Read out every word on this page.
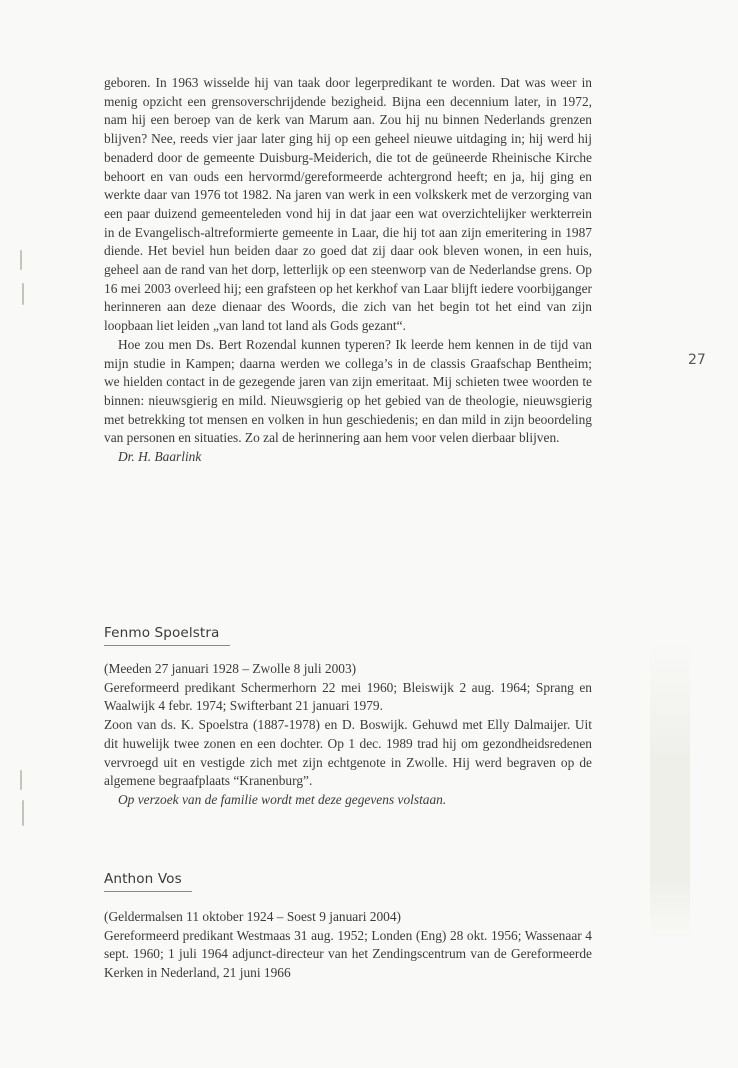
geboren. In 1963 wisselde hij van taak door legerpredikant te worden. Dat was weer in menig opzicht een grensoverschrijdende bezigheid. Bijna een decennium later, in 1972, nam hij een beroep van de kerk van Marum aan. Zou hij nu binnen Nederlands grenzen blijven? Nee, reeds vier jaar later ging hij op een geheel nieuwe uitdaging in; hij werd hij benaderd door de gemeente Duisburg-Meiderich, die tot de geüneerde Rheinische Kirche behoort en van ouds een hervormd/gereformeerde achtergrond heeft; en ja, hij ging en werkte daar van 1976 tot 1982. Na jaren van werk in een volkskerk met de verzorging van een paar duizend gemeenteleden vond hij in dat jaar een wat overzichtelijker werkterrein in de Evangelisch-altreformierte gemeente in Laar, die hij tot aan zijn emeritering in 1987 diende. Het beviel hun beiden daar zo goed dat zij daar ook bleven wonen, in een huis, geheel aan de rand van het dorp, letterlijk op een steenworp van de Nederlandse grens. Op 16 mei 2003 overleed hij; een grafsteen op het kerkhof van Laar blijft iedere voorbijganger herinneren aan deze dienaar des Woords, die zich van het begin tot het eind van zijn loopbaan liet leiden „van land tot land als Gods gezant“.

Hoe zou men Ds. Bert Rozendal kunnen typeren? Ik leerde hem kennen in de tijd van mijn studie in Kampen; daarna werden we collega’s in de classis Graafschap Bentheim; we hielden contact in de gezegende jaren van zijn emeritaat. Mij schieten twee woorden te binnen: nieuwsgierig en mild. Nieuwsgierig op het gebied van de theologie, nieuwsgierig met betrekking tot mensen en volken in hun geschiedenis; en dan mild in zijn beoordeling van personen en situaties. Zo zal de herinnering aan hem voor velen dierbaar blijven.

Dr. H. Baarlink

27
Fenmo Spoelstra

(Meeden 27 januari 1928 – Zwolle 8 juli 2003)

Gereformeerd predikant Schermerhorn 22 mei 1960; Bleiswijk 2 aug. 1964; Sprang en Waalwijk 4 febr. 1974; Swifterbant 21 januari 1979.

Zoon van ds. K. Spoelstra (1887-1978) en D. Boswijk. Gehuwd met Elly Dalmaijer. Uit dit huwelijk twee zonen en een dochter. Op 1 dec. 1989 trad hij om gezondheidsredenen vervroegd uit en vestigde zich met zijn echtgenote in Zwolle. Hij werd begraven op de algemene begraafplaats “Kranenburg”.

Op verzoek van de familie wordt met deze gegevens volstaan.

Anthon Vos

(Geldermalsen 11 oktober 1924 – Soest 9 januari 2004)

Gereformeerd predikant Westmaas 31 aug. 1952; Londen (Eng) 28 okt. 1956; Wassenaar 4 sept. 1960; 1 juli 1964 adjunct-directeur van het Zendingscentrum van de Gereformeerde Kerken in Nederland, 21 juni 1966
